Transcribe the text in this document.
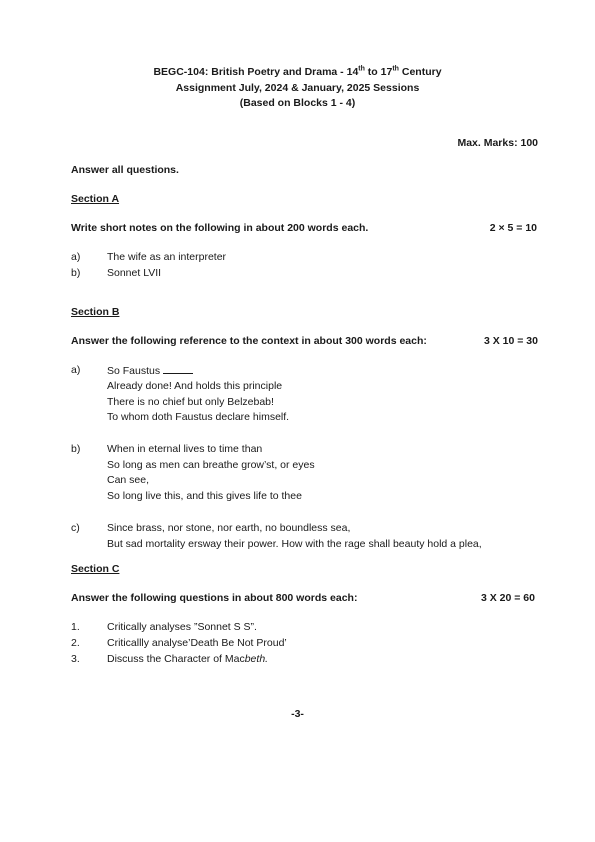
BEGC-104: British Poetry and Drama - 14th to 17th Century
Assignment July, 2024 & January, 2025 Sessions
(Based on Blocks 1 - 4)
Max. Marks: 100
Answer all questions.
Section A
Write short notes on the following in about 200 words each.	2 × 5 = 10
a)	The wife as an interpreter
b)	Sonnet LVII
Section B
Answer the following reference to the context in about 300 words each:	3 X 10 = 30
a)	So Faustus
Already done! And holds this principle
There is no chief but only Belzebab!
To whom doth Faustus declare himself.
b)	When in eternal lives to time than
So long as men can breathe grow’st, or eyes
Can see,
So long live this, and this gives life to thee
c)	Since brass, nor stone, nor earth, no boundless sea,
But sad mortality ersway their power. How with the rage shall beauty hold a plea,
Section C
Answer the following questions in about 800 words each:	3 X 20 = 60
1.	Critically analyses ”Sonnet S S”.
2.	Criticallly analyse’Death Be Not Proud’
3.	Discuss the Character of Macbeth.
-3-
